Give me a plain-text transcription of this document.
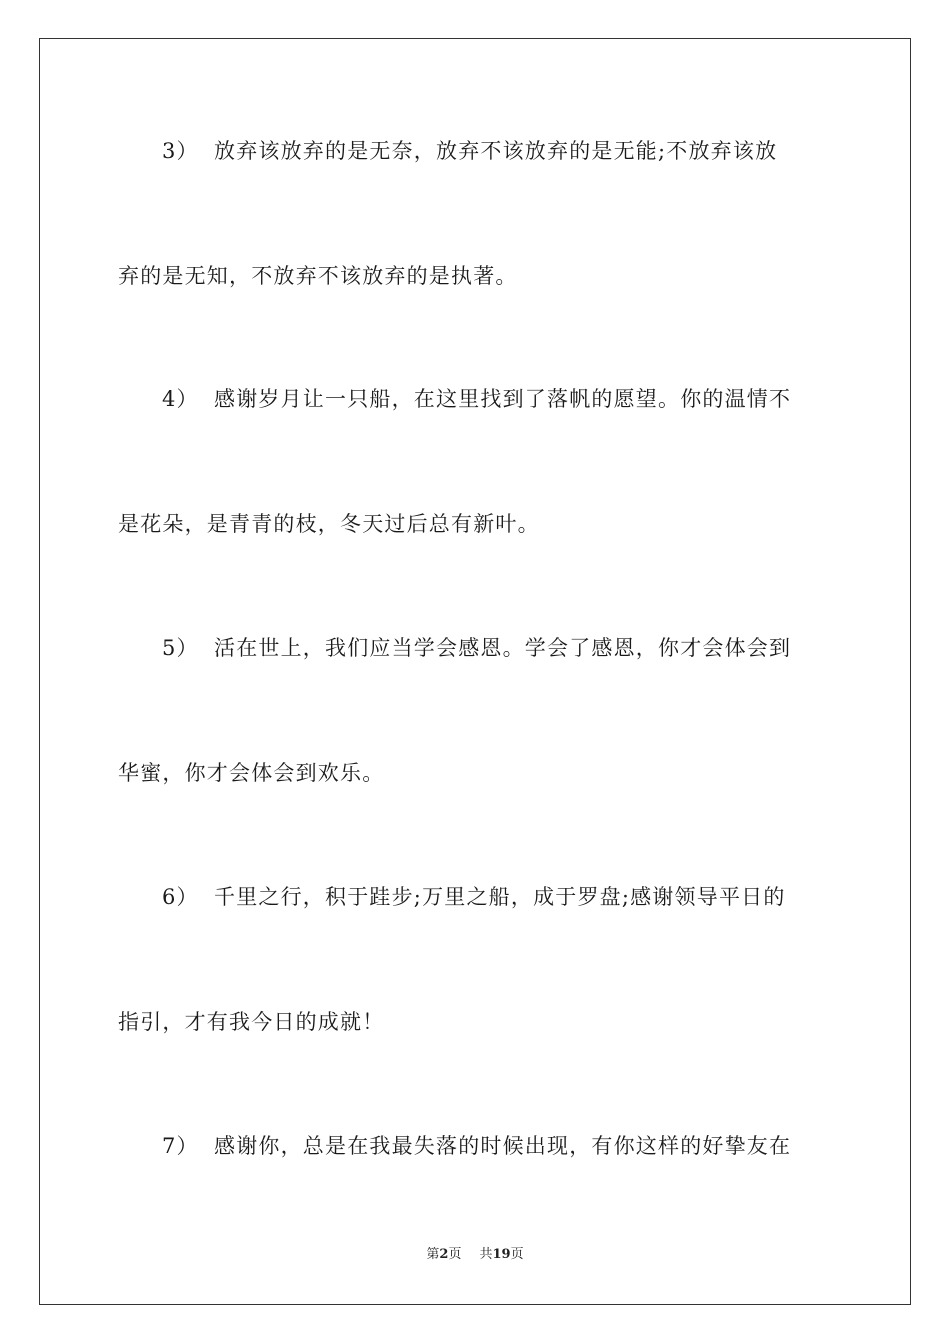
3） 放弃该放弃的是无奈，放弃不该放弃的是无能;不放弃该放
弃的是无知，不放弃不该放弃的是执著。
4） 感谢岁月让一只船，在这里找到了落帆的愿望。你的温情不
是花朵，是青青的枝，冬天过后总有新叶。
5） 活在世上，我们应当学会感恩。学会了感恩，你才会体会到
华蜜，你才会体会到欢乐。
6） 千里之行，积于跬步;万里之船，成于罗盘;感谢领导平日的
指引，才有我今日的成就！
7） 感谢你，总是在我最失落的时候出现，有你这样的好挚友在
第2页 共19页
